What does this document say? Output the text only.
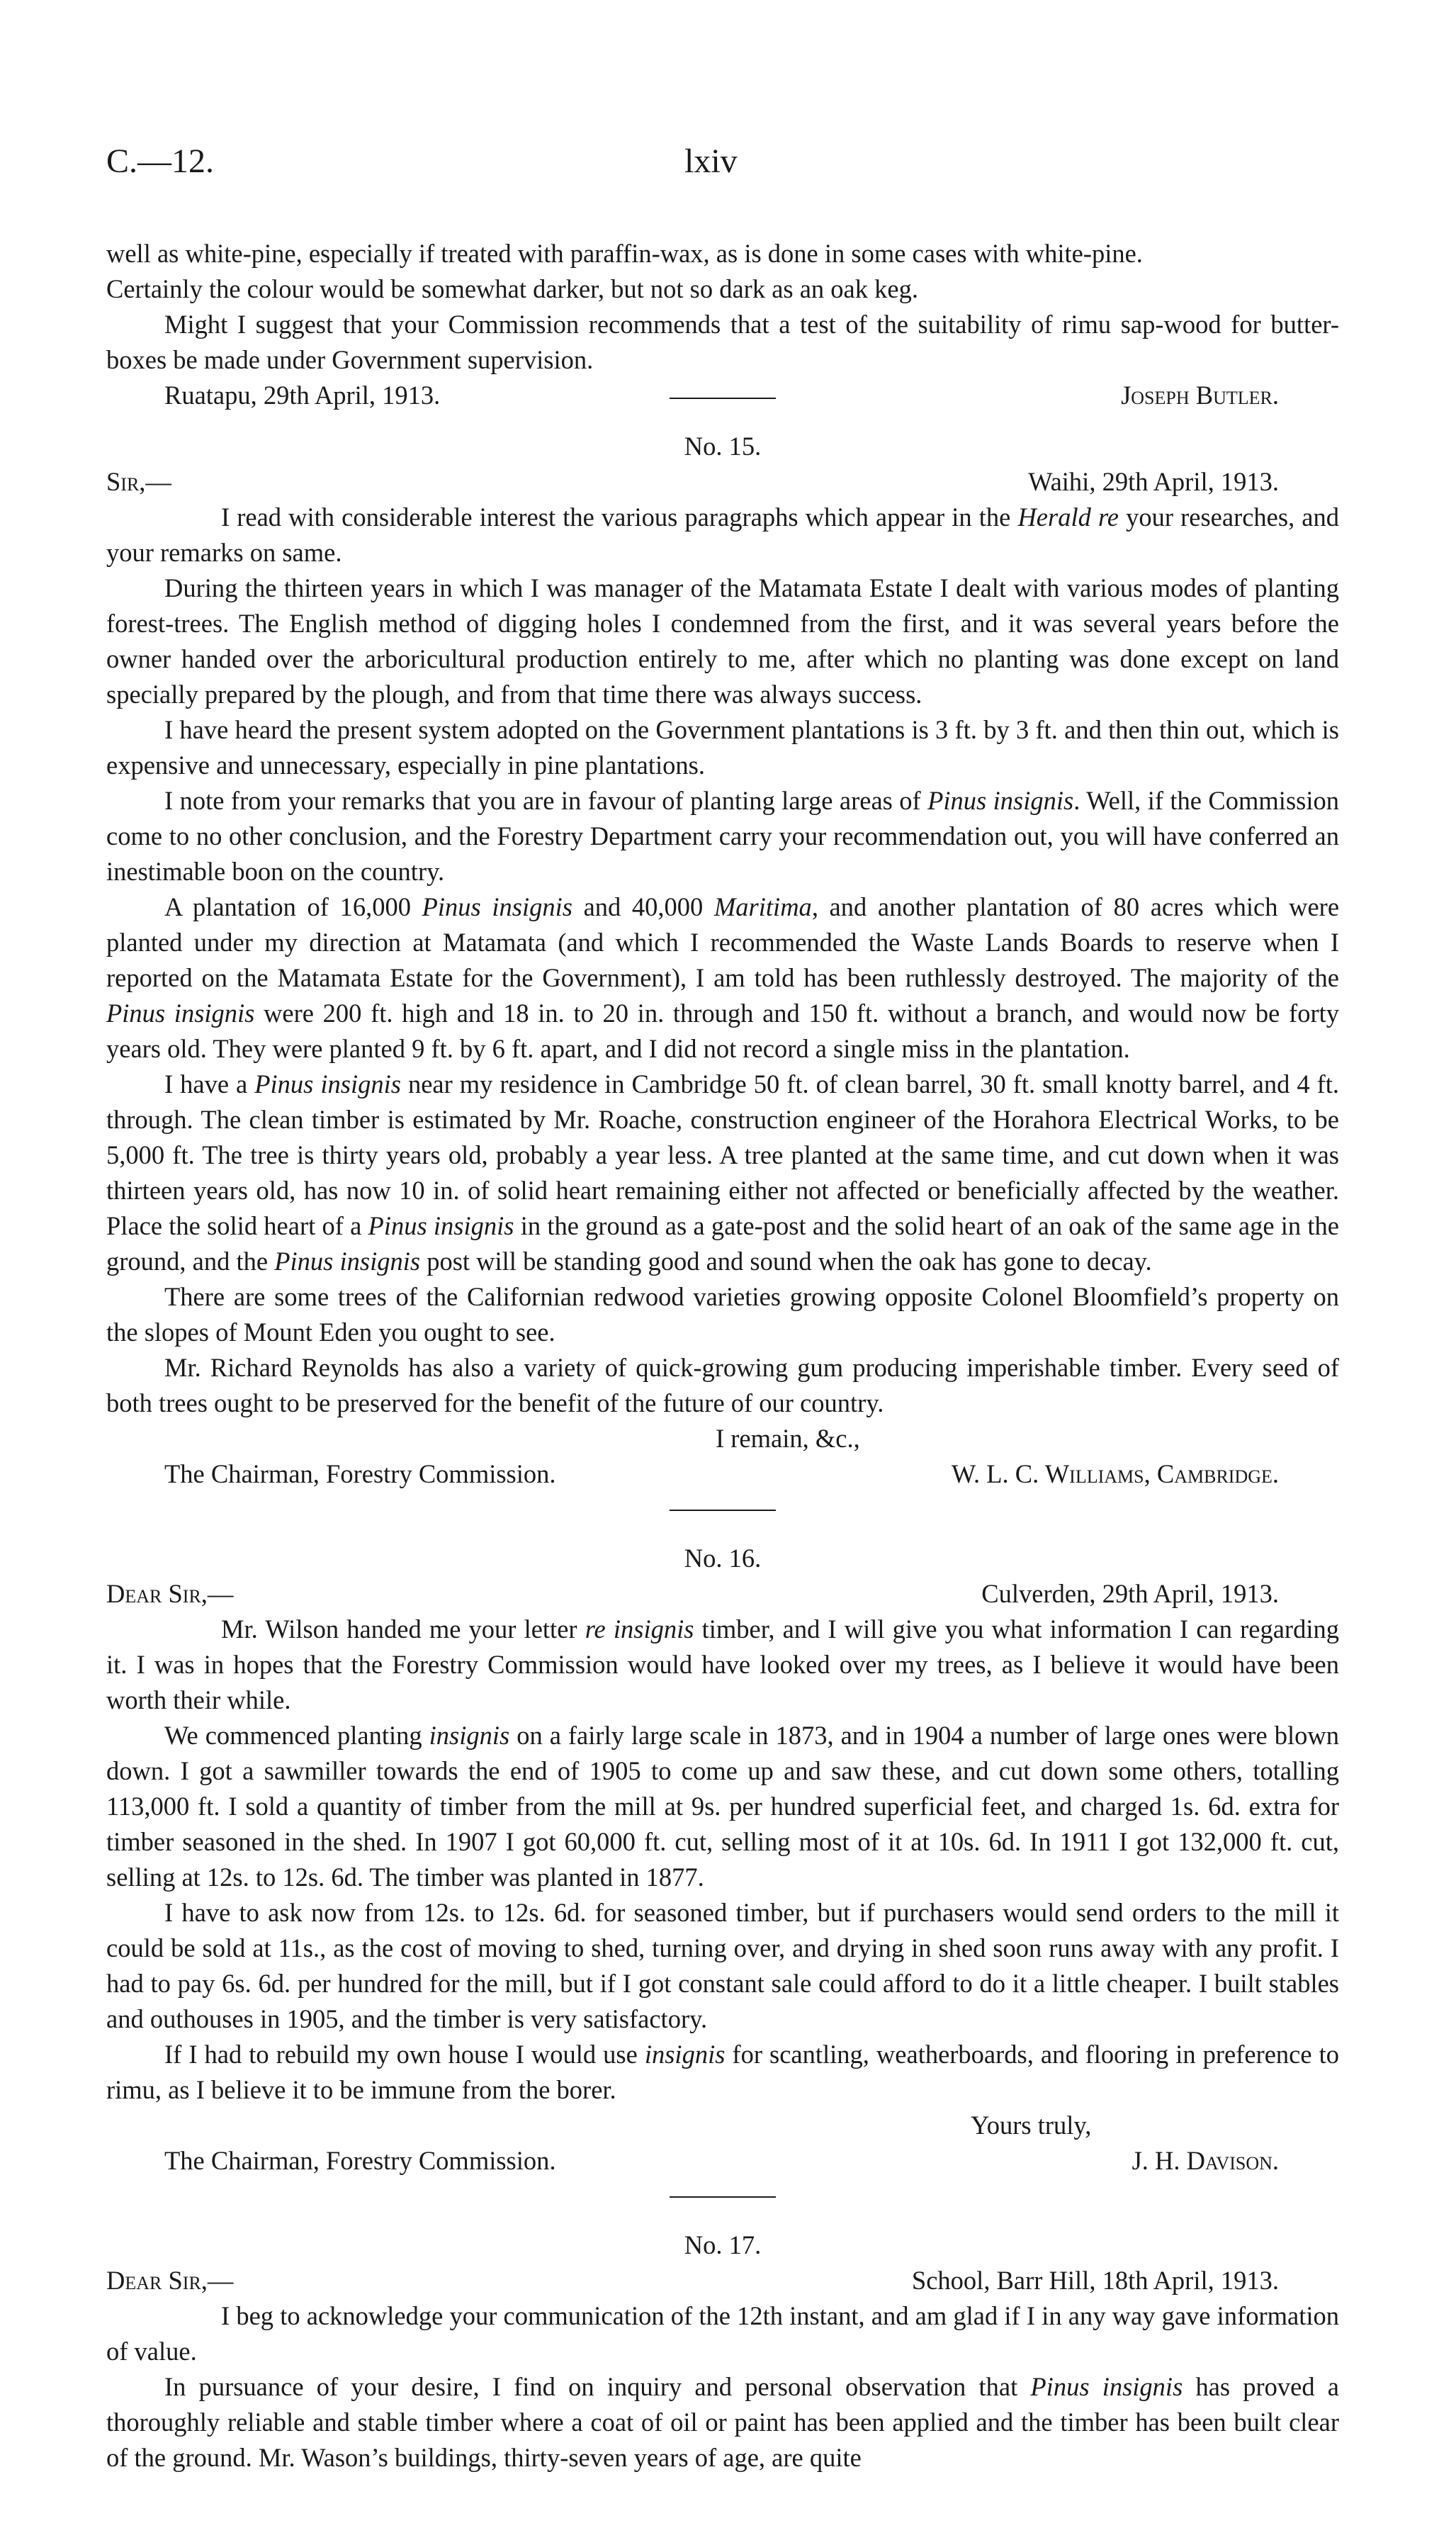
C.—12.	lxiv

well as white-pine, especially if treated with paraffin-wax, as is done in some cases with white-pine.

Certainly the colour would be somewhat darker, but not so dark as an oak keg.

Might I suggest that your Commission recommends that a test of the suitability of rimu sap-wood for butter-boxes be made under Government supervision.

Ruatapu, 29th April, 1913.	Joseph Butler.

No. 15.

Sir,—	Waihi, 29th April, 1913.

I read with considerable interest the various paragraphs which appear in the Herald re your researches, and your remarks on same.

During the thirteen years in which I was manager of the Matamata Estate I dealt with various modes of planting forest-trees. The English method of digging holes I condemned from the first, and it was several years before the owner handed over the arboricultural production entirely to me, after which no planting was done except on land specially prepared by the plough, and from that time there was always success.

I have heard the present system adopted on the Government plantations is 3 ft. by 3 ft. and then thin out, which is expensive and unnecessary, especially in pine plantations.

I note from your remarks that you are in favour of planting large areas of Pinus insignis. Well, if the Commission come to no other conclusion, and the Forestry Department carry your recommendation out, you will have conferred an inestimable boon on the country.

A plantation of 16,000 Pinus insignis and 40,000 Maritima, and another plantation of 80 acres which were planted under my direction at Matamata (and which I recommended the Waste Lands Boards to reserve when I reported on the Matamata Estate for the Government), I am told has been ruthlessly destroyed. The majority of the Pinus insignis were 200 ft. high and 18 in. to 20 in. through and 150 ft. without a branch, and would now be forty years old. They were planted 9 ft. by 6 ft. apart, and I did not record a single miss in the plantation.

I have a Pinus insignis near my residence in Cambridge 50 ft. of clean barrel, 30 ft. small knotty barrel, and 4 ft. through. The clean timber is estimated by Mr. Roache, construction engineer of the Horahora Electrical Works, to be 5,000 ft. The tree is thirty years old, probably a year less. A tree planted at the same time, and cut down when it was thirteen years old, has now 10 in. of solid heart remaining either not affected or beneficially affected by the weather. Place the solid heart of a Pinus insignis in the ground as a gate-post and the solid heart of an oak of the same age in the ground, and the Pinus insignis post will be standing good and sound when the oak has gone to decay.

There are some trees of the Californian redwood varieties growing opposite Colonel Bloomfield’s property on the slopes of Mount Eden you ought to see.

Mr. Richard Reynolds has also a variety of quick-growing gum producing imperishable timber. Every seed of both trees ought to be preserved for the benefit of the future of our country.

I remain, &c.,

The Chairman, Forestry Commission.	W. L. C. Williams, Cambridge.

No. 16.

Dear Sir,—	Culverden, 29th April, 1913.

Mr. Wilson handed me your letter re insignis timber, and I will give you what information I can regarding it. I was in hopes that the Forestry Commission would have looked over my trees, as I believe it would have been worth their while.

We commenced planting insignis on a fairly large scale in 1873, and in 1904 a number of large ones were blown down. I got a sawmiller towards the end of 1905 to come up and saw these, and cut down some others, totalling 113,000 ft. I sold a quantity of timber from the mill at 9s. per hundred superficial feet, and charged 1s. 6d. extra for timber seasoned in the shed. In 1907 I got 60,000 ft. cut, selling most of it at 10s. 6d. In 1911 I got 132,000 ft. cut, selling at 12s. to 12s. 6d. The timber was planted in 1877.

I have to ask now from 12s. to 12s. 6d. for seasoned timber, but if purchasers would send orders to the mill it could be sold at 11s., as the cost of moving to shed, turning over, and drying in shed soon runs away with any profit. I had to pay 6s. 6d. per hundred for the mill, but if I got constant sale could afford to do it a little cheaper. I built stables and outhouses in 1905, and the timber is very satisfactory.

If I had to rebuild my own house I would use insignis for scantling, weatherboards, and flooring in preference to rimu, as I believe it to be immune from the borer.

Yours truly,

The Chairman, Forestry Commission.	J. H. Davison.

No. 17.

Dear Sir,—	School, Barr Hill, 18th April, 1913.

I beg to acknowledge your communication of the 12th instant, and am glad if I in any way gave information of value.

In pursuance of your desire, I find on inquiry and personal observation that Pinus insignis has proved a thoroughly reliable and stable timber where a coat of oil or paint has been applied and the timber has been built clear of the ground. Mr. Wason’s buildings, thirty-seven years of age, are quite
